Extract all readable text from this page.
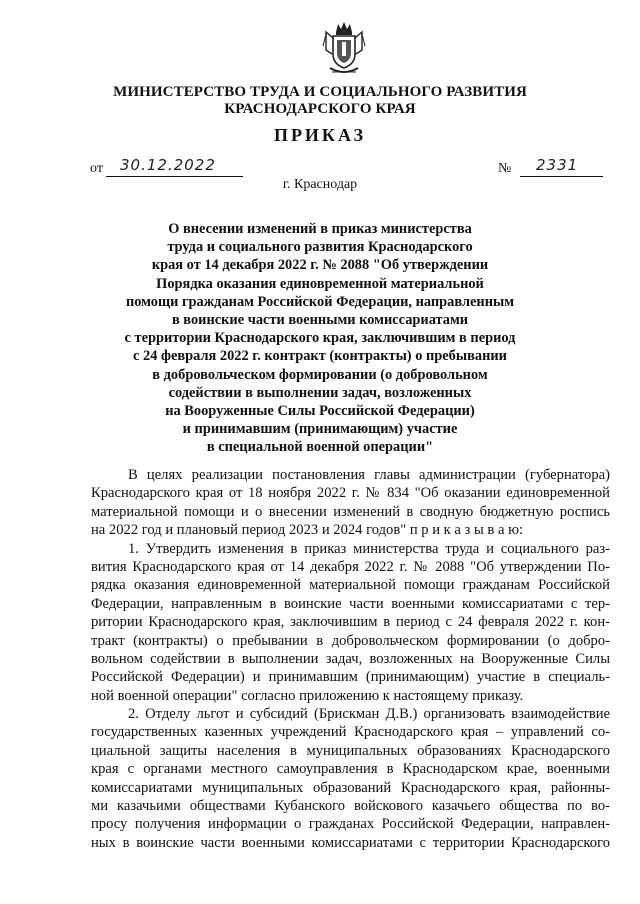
МИНИСТЕРСТВО ТРУДА И СОЦИАЛЬНОГО РАЗВИТИЯ
КРАСНОДАРСКОГО КРАЯ
ПРИКАЗ
от 30.12.2022	№ 2331
г. Краснодар
О внесении изменений в приказ министерства
труда и социального развития Краснодарского
края от 14 декабря 2022 г. № 2088 "Об утверждении
Порядка оказания единовременной материальной
помощи гражданам Российской Федерации, направленным
в воинские части военными комиссариатами
с территории Краснодарского края, заключившим в период
с 24 февраля 2022 г. контракт (контракты) о пребывании
в добровольческом формировании (о добровольном
содействии в выполнении задач, возложенных
на Вооруженные Силы Российской Федерации)
и принимавшим (принимающим) участие
в специальной военной операции"
В целях реализации постановления главы администрации (губернатора)
Краснодарского края от 18 ноября 2022 г. № 834 "Об оказании единовременной
материальной помощи и о внесении изменений в сводную бюджетную роспись
на 2022 год и плановый период 2023 и 2024 годов" п р и к а з ы в а ю:
1. Утвердить изменения в приказ министерства труда и социального раз-
вития Краснодарского края от 14 декабря 2022 г. № 2088 "Об утверждении По-
рядка оказания единовременной материальной помощи гражданам Российской
Федерации, направленным в воинские части военными комиссариатами с тер-
ритории Краснодарского края, заключившим в период с 24 февраля 2022 г. кон-
тракт (контракты) о пребывании в добровольческом формировании (о добро-
вольном содействии в выполнении задач, возложенных на Вооруженные Силы
Российской Федерации) и принимавшим (принимающим) участие в специаль-
ной военной операции" согласно приложению к настоящему приказу.
2. Отделу льгот и субсидий (Брискман Д.В.) организовать взаимодействие
государственных казенных учреждений Краснодарского края – управлений со-
циальной защиты населения в муниципальных образованиях Краснодарского
края с органами местного самоуправления в Краснодарском крае, военными
комиссариатами муниципальных образований Краснодарского края, районны-
ми казачьими обществами Кубанского войскового казачьего общества по во-
просу получения информации о гражданах Российской Федерации, направлен-
ных в воинские части военными комиссариатами с территории Краснодарского
